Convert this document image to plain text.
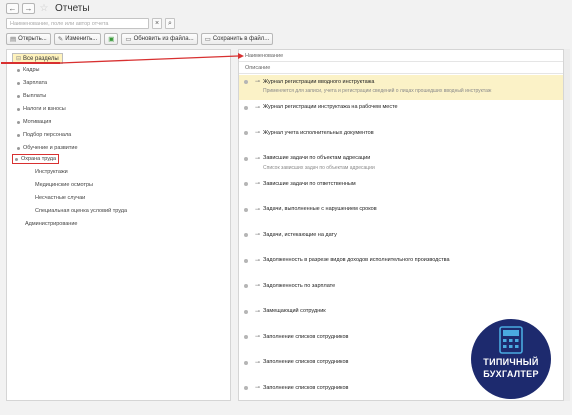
← → ☆ Отчеты
Наименование, поле или автор отчета	× ⌕
▤ Открыть... ✎ Изменить... ▣ ▭ Обновить из файла... ▭ Сохранить в файл...
⊟ Все разделы
Кадры
Зарплата
Выплаты
Налоги и взносы
Мотивация
Подбор персонала
Обучение и развитие
Охрана труда
Инструктажи
Медицинские осмотры
Несчастные случаи
Специальная оценка условий труда
Администрирование
Наименование
Описание
⊸ Журнал регистрации вводного инструктажа
Применяется для записи, учета и регистрации сведений о лицах прошедших вводный инструктаж
⊸ Журнал регистрации инструктажа на рабочем месте
⊸ Журнал учета исполнительных документов
⊸ Зависшие задачи по объектам адресации
Список зависших задач по объектам адресации
⊸ Зависшие задачи по ответственным
⊸ Задачи, выполненные с нарушением сроков
⊸ Задачи, истекающие на дату
⊸ Задолженность в разрезе видов доходов исполнительного производства
⊸ Задолженность по зарплате
⊸ Замещающий сотрудник
⊸ Заполнение списков сотрудников
⊸ Заполнение списков сотрудников
⊸ Заполнение списков сотрудников
ТИПИЧНЫЙ
БУХГАЛТЕР
